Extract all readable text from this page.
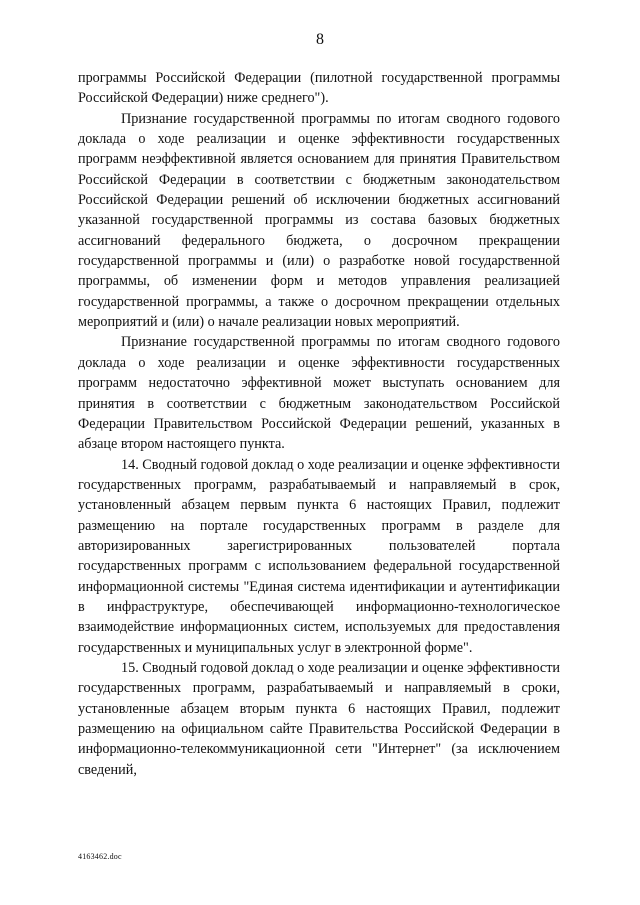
8

программы Российской Федерации (пилотной государственной программы Российской Федерации) ниже среднего").

Признание государственной программы по итогам сводного годового доклада о ходе реализации и оценке эффективности государственных программ неэффективной является основанием для принятия Правительством Российской Федерации в соответствии с бюджетным законодательством Российской Федерации решений об исключении бюджетных ассигнований указанной государственной программы из состава базовых бюджетных ассигнований федерального бюджета, о досрочном прекращении государственной программы и (или) о разработке новой государственной программы, об изменении форм и методов управления реализацией государственной программы, а также о досрочном прекращении отдельных мероприятий и (или) о начале реализации новых мероприятий.

Признание государственной программы по итогам сводного годового доклада о ходе реализации и оценке эффективности государственных программ недостаточно эффективной может выступать основанием для принятия в соответствии с бюджетным законодательством Российской Федерации Правительством Российской Федерации решений, указанных в абзаце втором настоящего пункта.

14. Сводный годовой доклад о ходе реализации и оценке эффективности государственных программ, разрабатываемый и направляемый в срок, установленный абзацем первым пункта 6 настоящих Правил, подлежит размещению на портале государственных программ в разделе для авторизированных зарегистрированных пользователей портала государственных программ с использованием федеральной государственной информационной системы "Единая система идентификации и аутентификации в инфраструктуре, обеспечивающей информационно-технологическое взаимодействие информационных систем, используемых для предоставления государственных и муниципальных услуг в электронной форме".

15. Сводный годовой доклад о ходе реализации и оценке эффективности государственных программ, разрабатываемый и направляемый в сроки, установленные абзацем вторым пункта 6 настоящих Правил, подлежит размещению на официальном сайте Правительства Российской Федерации в информационно-телекоммуникационной сети "Интернет" (за исключением сведений,

4163462.doc
